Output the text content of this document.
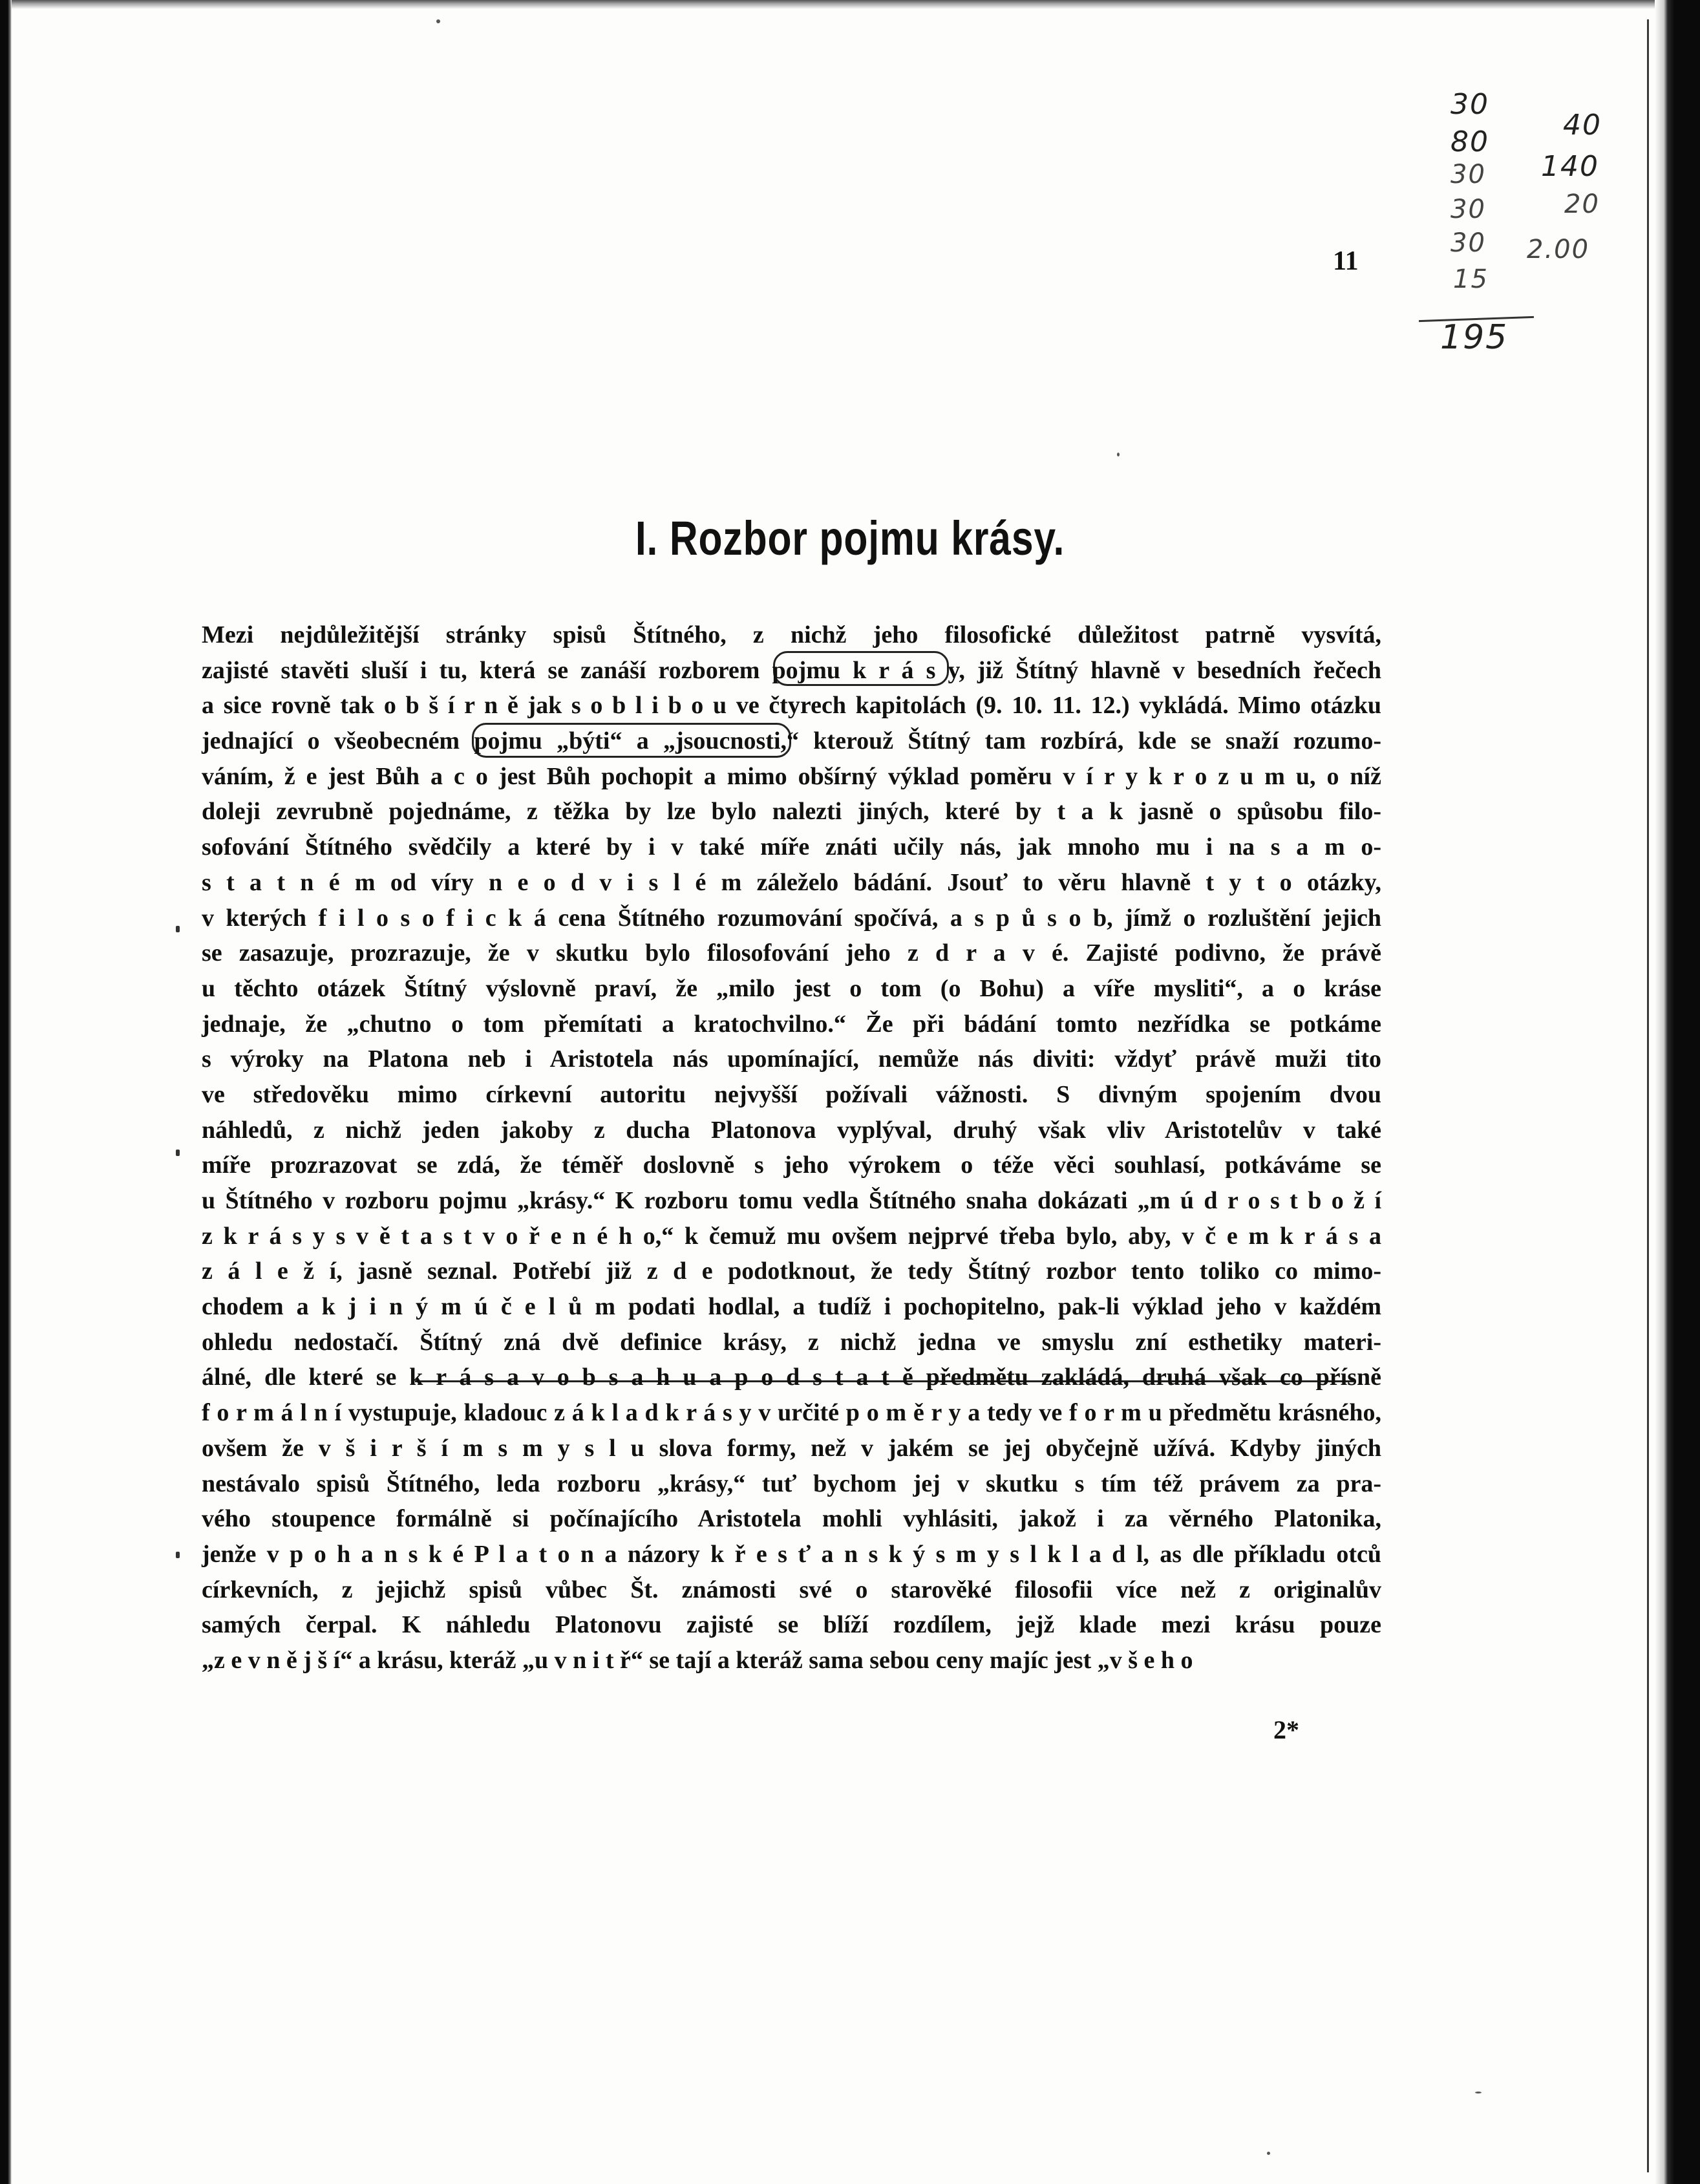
30
80
30
30
30
15
40
140
20
2.00
195
11
I. Rozbor pojmu krásy.
Mezi nejdůležitější stránky spisů Štítného, z nichž jeho filosofické důležitost patrně vysvítá,
zajisté stavěti sluší i tu, která se zanáší rozborem pojmu k r á s y, již Štítný hlavně v besedních řečech
a sice rovně tak o b š í r n ě jak s o b l i b o u ve čtyrech kapitolách (9. 10. 11. 12.) vykládá. Mimo otázku
jednající o všeobecném pojmu „býti“ a „jsoucnosti,“ kterouž Štítný tam rozbírá, kde se snaží rozumo-
váním, ž e jest Bůh a c o jest Bůh pochopit a mimo obšírný výklad poměru v í r y k r o z u m u, o níž
doleji zevrubně pojednáme, z těžka by lze bylo nalezti jiných, které by t a k jasně o spůsobu filo-
sofování Štítného svědčily a které by i v také míře znáti učily nás, jak mnoho mu i na s a m o-
s t a t n é m od víry n e o d v i s l é m záleželo bádání. Jsouť to věru hlavně t y t o otázky,
v kterých f i l o s o f i c k á cena Štítného rozumování spočívá, a s p ů s o b, jímž o rozluštění jejich
se zasazuje, prozrazuje, že v skutku bylo filosofování jeho z d r a v é. Zajisté podivno, že právě
u těchto otázek Štítný výslovně praví, že „milo jest o tom (o Bohu) a víře mysliti“, a o kráse
jednaje, že „chutno o tom přemítati a kratochvilno.“ Že při bádání tomto nezřídka se potkáme
s výroky na Platona neb i Aristotela nás upomínající, nemůže nás diviti: vždyť právě muži tito
ve středověku mimo církevní autoritu nejvyšší požívali vážnosti. S divným spojením dvou
náhledů, z nichž jeden jakoby z ducha Platonova vyplýval, druhý však vliv Aristotelův v také
míře prozrazovat se zdá, že téměř doslovně s jeho výrokem o téže věci souhlasí, potkáváme se
u Štítného v rozboru pojmu „krásy.“ K rozboru tomu vedla Štítného snaha dokázati „m ú d r o s t b o ž í
z k r á s y s v ě t a s t v o ř e n é h o,“ k čemuž mu ovšem nejprvé třeba bylo, aby, v č e m k r á s a
z á l e ž í, jasně seznal. Potřebí již z d e podotknout, že tedy Štítný rozbor tento toliko co mimo-
chodem a k j i n ý m ú č e l ů m podati hodlal, a tudíž i pochopitelno, pak-li výklad jeho v každém
ohledu nedostačí. Štítný zná dvě definice krásy, z nichž jedna ve smyslu zní esthetiky materi-
álné, dle které se k r á s a v o b s a h u a p o d s t a t ě předmětu zakládá, druhá však co přísně
f o r m á l n í vystupuje, kladouc z á k l a d k r á s y v určité p o m ě r y a tedy ve f o r m u předmětu krásného,
ovšem že v š i r š í m s m y s l u slova formy, než v jakém se jej obyčejně užívá. Kdyby jiných
nestávalo spisů Štítného, leda rozboru „krásy,“ tuť bychom jej v skutku s tím též právem za pra-
vého stoupence formálně si počínajícího Aristotela mohli vyhlásiti, jakož i za věrného Platonika,
jenže v p o h a n s k é P l a t o n a názory k ř e s ť a n s k ý s m y s l k l a d l, as dle příkladu otců
církevních, z jejichž spisů vůbec Št. známosti své o starověké filosofii více než z originalův
samých čerpal. K náhledu Platonovu zajisté se blíží rozdílem, jejž klade mezi krásu pouze
„z e v n ě j š í“ a krásu, kteráž „u v n i t ř“ se tají a kteráž sama sebou ceny majíc jest „v š e h o
2*
